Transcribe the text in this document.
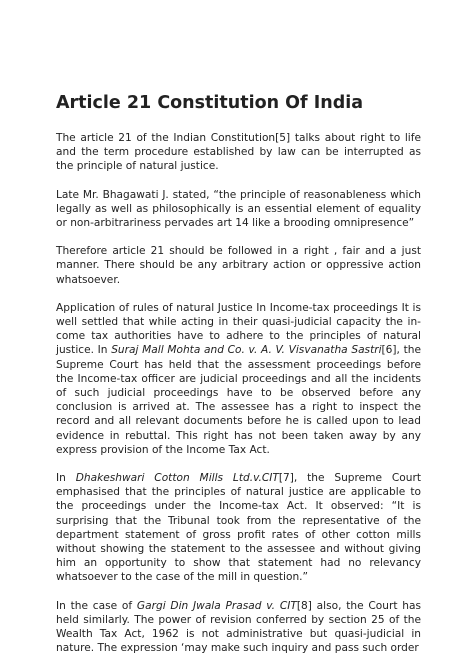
Article 21 Constitution Of India

The article 21 of the Indian Constitution[5] talks about right to life and the term procedure established by law can be interrupted as the principle of natural justice.

Late Mr. Bhagawati J. stated, “the principle of reasonableness which legally as well as philosophically is an essential element of equality or non-arbitrariness pervades art 14 like a brooding omnipresence”

Therefore article 21 should be followed in a right , fair and a just manner. There should be any arbitrary action or oppressive action whatsoever.

Application of rules of natural Justice In Income-tax proceedings It is well settled that while acting in their quasi-judicial capacity the in-come tax authorities have to adhere to the principles of natural justice. In Suraj Mall Mohta and Co. v. A. V. Visvanatha Sastri[6], the Supreme Court has held that the assessment proceedings before the Income-tax officer are judicial proceedings and all the incidents of such judicial proceedings have to be observed before any conclusion is arrived at. The assessee has a right to inspect the record and all relevant documents before he is called upon to lead evidence in rebuttal. This right has not been taken away by any express provision of the Income Tax Act.

In Dhakeshwari Cotton Mills Ltd.v.CIT[7], the Supreme Court emphasised that the principles of natural justice are applicable to the proceedings under the Income-tax Act. It observed: “It is surprising that the Tribunal took from the representative of the department statement of gross profit rates of other cotton mills without showing the statement to the assessee and without giving him an opportunity to show that statement had no relevancy whatsoever to the case of the mill in question.”

In the case of Gargi Din Jwala Prasad v. CIT[8] also, the Court has held similarly. The power of revision conferred by section 25 of the Wealth Tax Act, 1962 is not administrative but quasi-judicial in nature. The expression ‘may make such inquiry and pass such order
